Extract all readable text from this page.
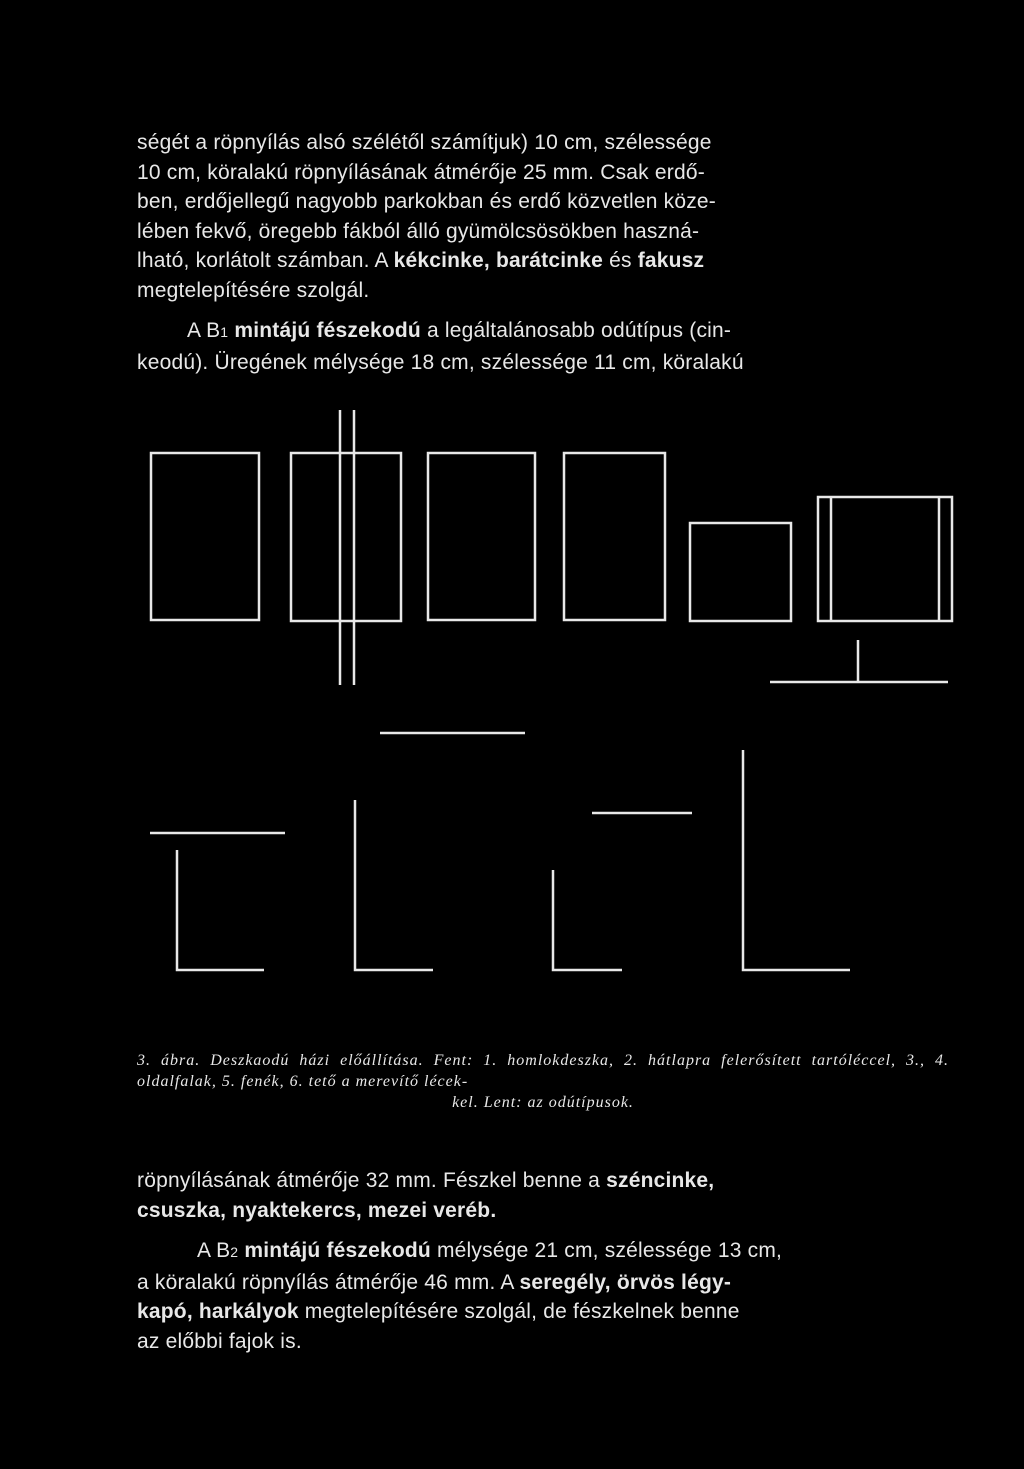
ségét a röpnyílás alsó szélétől számítjuk) 10 cm, szélessége
10 cm, köralakú röpnyílásának átmérője 25 mm. Csak erdő-
ben, erdőjellegű nagyobb parkokban és erdő közvetlen köze-
lében fekvő, öregebb fákból álló gyümölcsösökben haszná-
lható, korlátolt számban. A kékcinke, barátcinke és fakusz
megtelepítésére szolgál.
A B1 mintájú fészekodú a legáltalánosabb odútípus (cin-
keodú). Üregének mélysége 18 cm, szélessége 11 cm, köralakú
3. ábra. Deszkaodú házi előállítása. Fent: 1. homlokdeszka, 2. hátlapra felerősített tartóléccel, 3., 4. oldalfalak, 5. fenék, 6. tető a merevítő lécek-
kel. Lent: az odútípusok.
röpnyílásának átmérője 32 mm. Fészkel benne a széncinke,
csuszka, nyaktekercs, mezei veréb.
A B2 mintájú fészekodú mélysége 21 cm, szélessége 13 cm,
a köralakú röpnyílás átmérője 46 mm. A seregély, örvös légy-
kapó, harkályok megtelepítésére szolgál, de fészkelnek benne
az előbbi fajok is.
